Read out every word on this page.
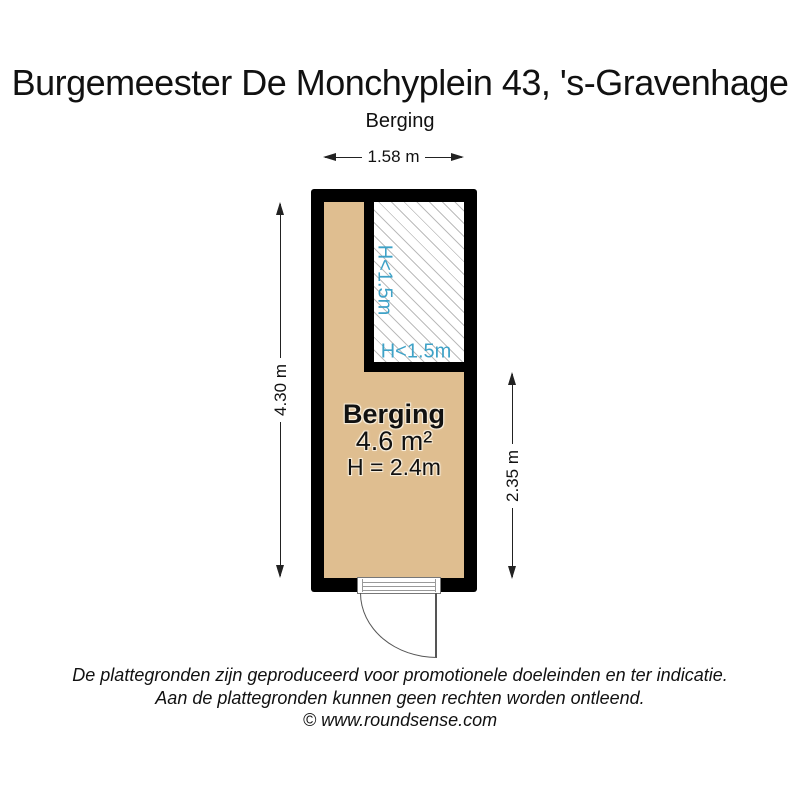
Burgemeester De Monchyplein 43, 's-Gravenhage
Berging
1.58 m
H<1.5m
H<1.5m
Berging
4.6 m²
H = 2.4m
4.30 m
2.35 m
De plattegronden zijn geproduceerd voor promotionele doeleinden en ter indicatie.
Aan de plattegronden kunnen geen rechten worden ontleend.
© www.roundsense.com
